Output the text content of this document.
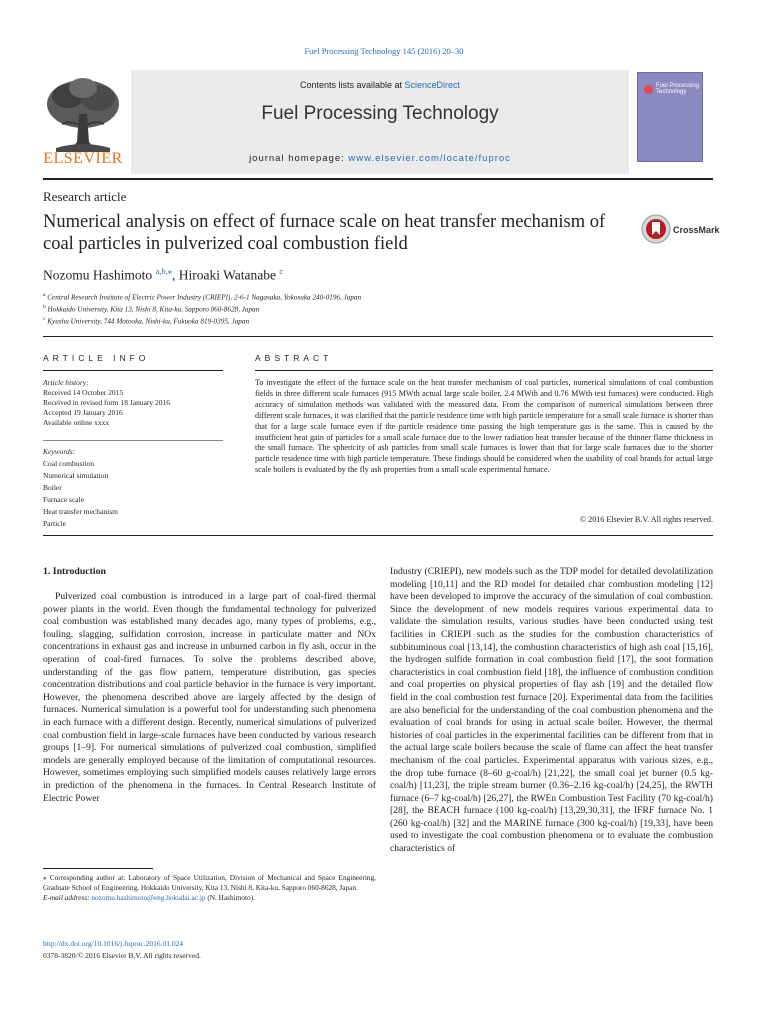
Fuel Processing Technology 145 (2016) 20–30
Contents lists available at ScienceDirect
Fuel Processing Technology
journal homepage: www.elsevier.com/locate/fuproc
ELSEVIER
Fuel Processing Technology
Research article
Numerical analysis on effect of furnace scale on heat transfer mechanism of coal particles in pulverized coal combustion field
CrossMark
Nozomu Hashimoto $^{a,b,⁎}$, Hiroaki Watanabe $^c$
$^a$ Central Research Institute of Electric Power Industry (CRIEPI), 2-6-1 Nagasaka, Yokosuka 240-0196, Japan
$^b$ Hokkaido University, Kita 13, Nishi 8, Kita-ku, Sapporo 060-8628, Japan
$^c$ Kyushu University, 744 Motooka, Nishi-ku, Fukuoka 819-0395, Japan
ARTICLE INFO	ABSTRACT
Article history:
Received 14 October 2015
Received in revised form 18 January 2016
Accepted 19 January 2016
Available online xxxx
Keywords:
Coal combustion
Numerical simulation
Boiler
Furnace scale
Heat transfer mechanism
Particle
To investigate the effect of the furnace scale on the heat transfer mechanism of coal particles, numerical simulations of coal combustion fields in three different scale furnaces (915 MWth actual large scale boiler, 2.4 MWth and 0.76 MWth test furnaces) were conducted. High accuracy of simulation methods was validated with the measured data. From the comparison of numerical simulations between three different scale furnaces, it was clarified that the particle residence time with high particle temperature for a small scale furnace is shorter than that for a large scale furnace even if the particle residence time passing the high temperature gas is the same. This is caused by the insufficient heat gain of particles for a small scale furnace due to the lower radiation heat transfer because of the thinner flame thickness in the small furnace. The sphericity of ash particles from small scale furnaces is lower than that for large scale furnaces due to the shorter particle residence time with high particle temperature. These findings should be considered when the usability of coal brands for actual large scale boilers is evaluated by the fly ash properties from a small scale experimental furnace.
© 2016 Elsevier B.V. All rights reserved.
1. Introduction
Pulverized coal combustion is introduced in a large part of coal-fired thermal power plants in the world. Even though the fundamental technology for pulverized coal combustion was established many decades ago, many types of problems, e.g., fouling, slagging, sulfidation corrosion, increase in particulate matter and NOx concentrations in exhaust gas and increase in unburned carbon in fly ash, occur in the operation of coal-fired furnaces. To solve the problems described above, understanding of the gas flow pattern, temperature distribution, gas species concentration distributions and coal particle behavior in the furnace is very important. However, the phenomena described above are largely affected by the design of furnaces. Numerical simulation is a powerful tool for understanding such phenomena in each furnace with a different design. Recently, numerical simulations of pulverized coal combustion field in large-scale furnaces have been conducted by various research groups [1–9]. For numerical simulations of pulverized coal combustion, simplified models are generally employed because of the limitation of computational resources. However, sometimes employing such simplified models causes relatively large errors in prediction of the phenomena in the furnaces. In Central Research Institute of Electric Power
Industry (CRIEPI), new models such as the TDP model for detailed devolatilization modeling [10,11] and the RD model for detailed char combustion modeling [12] have been developed to improve the accuracy of the simulation of coal combustion. Since the development of new models requires various experimental data to validate the simulation results, various studies have been conducted using test facilities in CRIEPI such as the studies for the combustion characteristics of subbituminous coal [13,14], the combustion characteristics of high ash coal [15,16], the hydrogen sulfide formation in coal combustion field [17], the soot formation characteristics in coal combustion field [18], the influence of combustion condition and coal properties on physical properties of flay ash [19] and the detailed flow field in the coal combustion test furnace [20]. Experimental data from the facilities are also beneficial for the understanding of the coal combustion phenomena and the evaluation of coal brands for using in actual scale boiler. However, the thermal histories of coal particles in the experimental facilities can be different from that in the actual large scale boilers because the scale of flame can affect the heat transfer mechanism of the coal particles. Experimental apparatus with various sizes, e.g., the drop tube furnace (8–60 g-coal/h) [21,22], the small coal jet burner (0.5 kg-coal/h) [11,23], the triple stream burner (0.36–2.16 kg-coal/h) [24,25], the RWTH furnace (6–7 kg-coal/h) [26,27], the RWEn Combustion Test Facility (70 kg-coal/h) [28], the BEACH furnace (100 kg-coal/h) [13,29,30,31], the IFRF furnace No. 1 (260 kg-coal/h) [32] and the MARINE furnace (300 kg-coal/h) [19,33], have been used to investigate the coal combustion phenomena or to evaluate the combustion characteristics of
⁎ Corresponding author at: Laboratory of Space Utilization, Division of Mechanical and Space Engineering, Graduate School of Engineering, Hokkaido University, Kita 13, Nishi 8, Kita-ku, Sapporo 060-8628, Japan.
E-mail address: nozomu.hashimoto@eng.hokudai.ac.jp (N. Hashimoto).
http://dx.doi.org/10.1016/j.fuproc.2016.01.024
0378-3820/© 2016 Elsevier B.V. All rights reserved.
